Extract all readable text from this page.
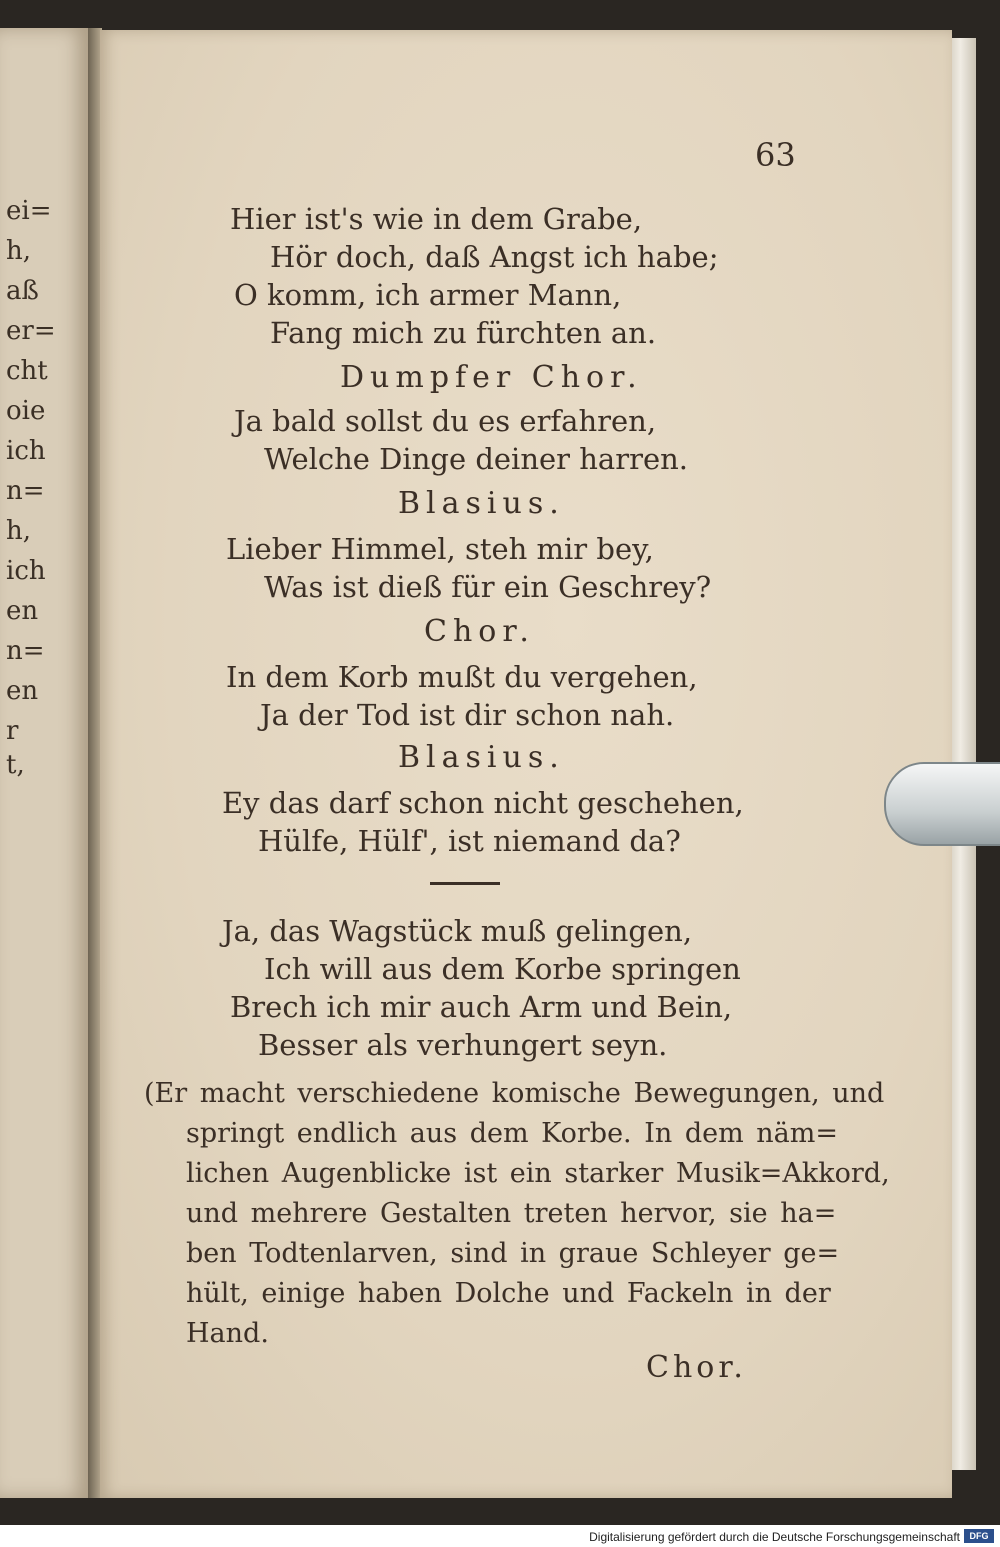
ei=
h,
aß
er=
cht
oie
ich
n=
h,
ich
en
n=
en
r
t,
63
Hier ist's wie in dem Grabe,
Hör doch, daß Angst ich habe;
O komm, ich armer Mann,
Fang mich zu fürchten an.
Dumpfer Chor.
Ja bald sollst du es erfahren,
Welche Dinge deiner harren.
Blasius.
Lieber Himmel, steh mir bey,
Was ist dieß für ein Geschrey?
Chor.
In dem Korb mußt du vergehen,
Ja der Tod ist dir schon nah.
Blasius.
Ey das darf schon nicht geschehen,
Hülfe, Hülf', ist niemand da?
Ja, das Wagstück muß gelingen,
Ich will aus dem Korbe springen
Brech ich mir auch Arm und Bein,
Besser als verhungert seyn.
(Er macht verschiedene komische Bewegungen, und
springt endlich aus dem Korbe. In dem näm=
lichen Augenblicke ist ein starker Musik=Akkord,
und mehrere Gestalten treten hervor, sie ha=
ben Todtenlarven, sind in graue Schleyer ge=
hült, einige haben Dolche und Fackeln in der
Hand.
Chor.
Digitalisierung gefördert durch die Deutsche Forschungsgemeinschaft	DFG
